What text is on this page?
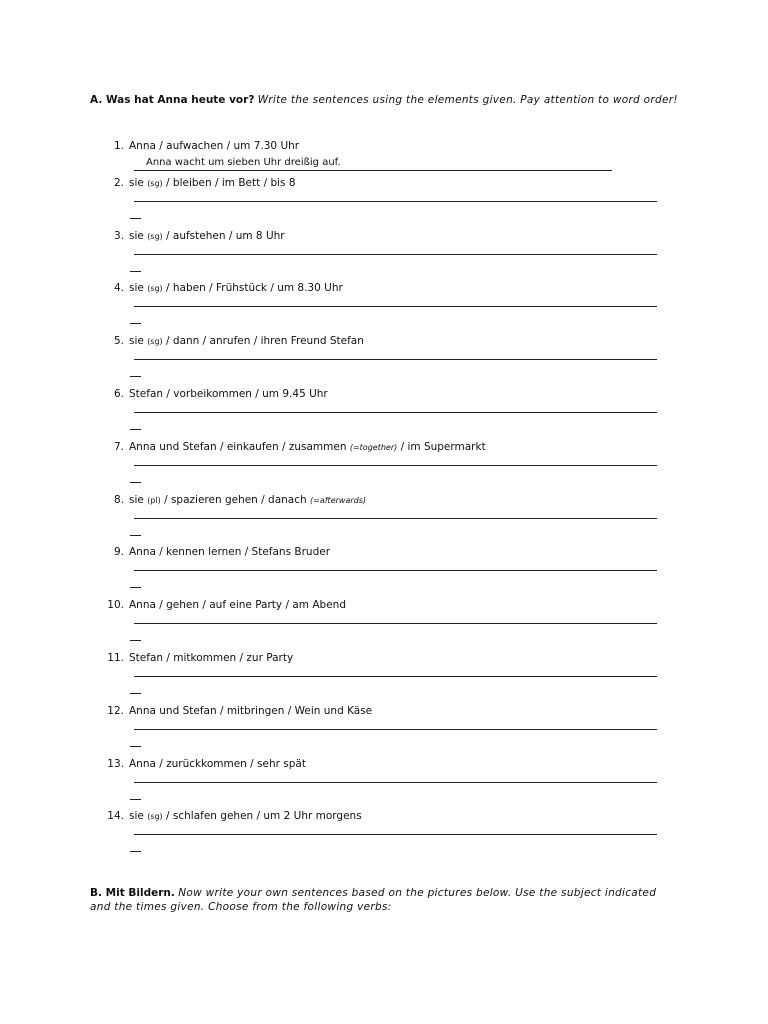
A. Was hat Anna heute vor? Write the sentences using the elements given. Pay attention to word order!
1. Anna / aufwachen / um 7.30 Uhr
Anna wacht um sieben Uhr dreißig auf.
2. sie (sg) / bleiben / im Bett / bis 8
3. sie (sg) / aufstehen / um 8 Uhr
4. sie (sg) / haben / Frühstück / um 8.30 Uhr
5. sie (sg) / dann / anrufen / ihren Freund Stefan
6. Stefan / vorbeikommen / um 9.45 Uhr
7. Anna und Stefan / einkaufen / zusammen (=together) / im Supermarkt
8. sie (pl) / spazieren gehen / danach (=afterwards)
9. Anna / kennen lernen / Stefans Bruder
10. Anna / gehen / auf eine Party / am Abend
11. Stefan / mitkommen / zur Party
12. Anna und Stefan / mitbringen / Wein und Käse
13. Anna / zurückkommen / sehr spät
14. sie (sg) / schlafen gehen / um 2 Uhr morgens
B. Mit Bildern. Now write your own sentences based on the pictures below. Use the subject indicated and the times given. Choose from the following verbs:
